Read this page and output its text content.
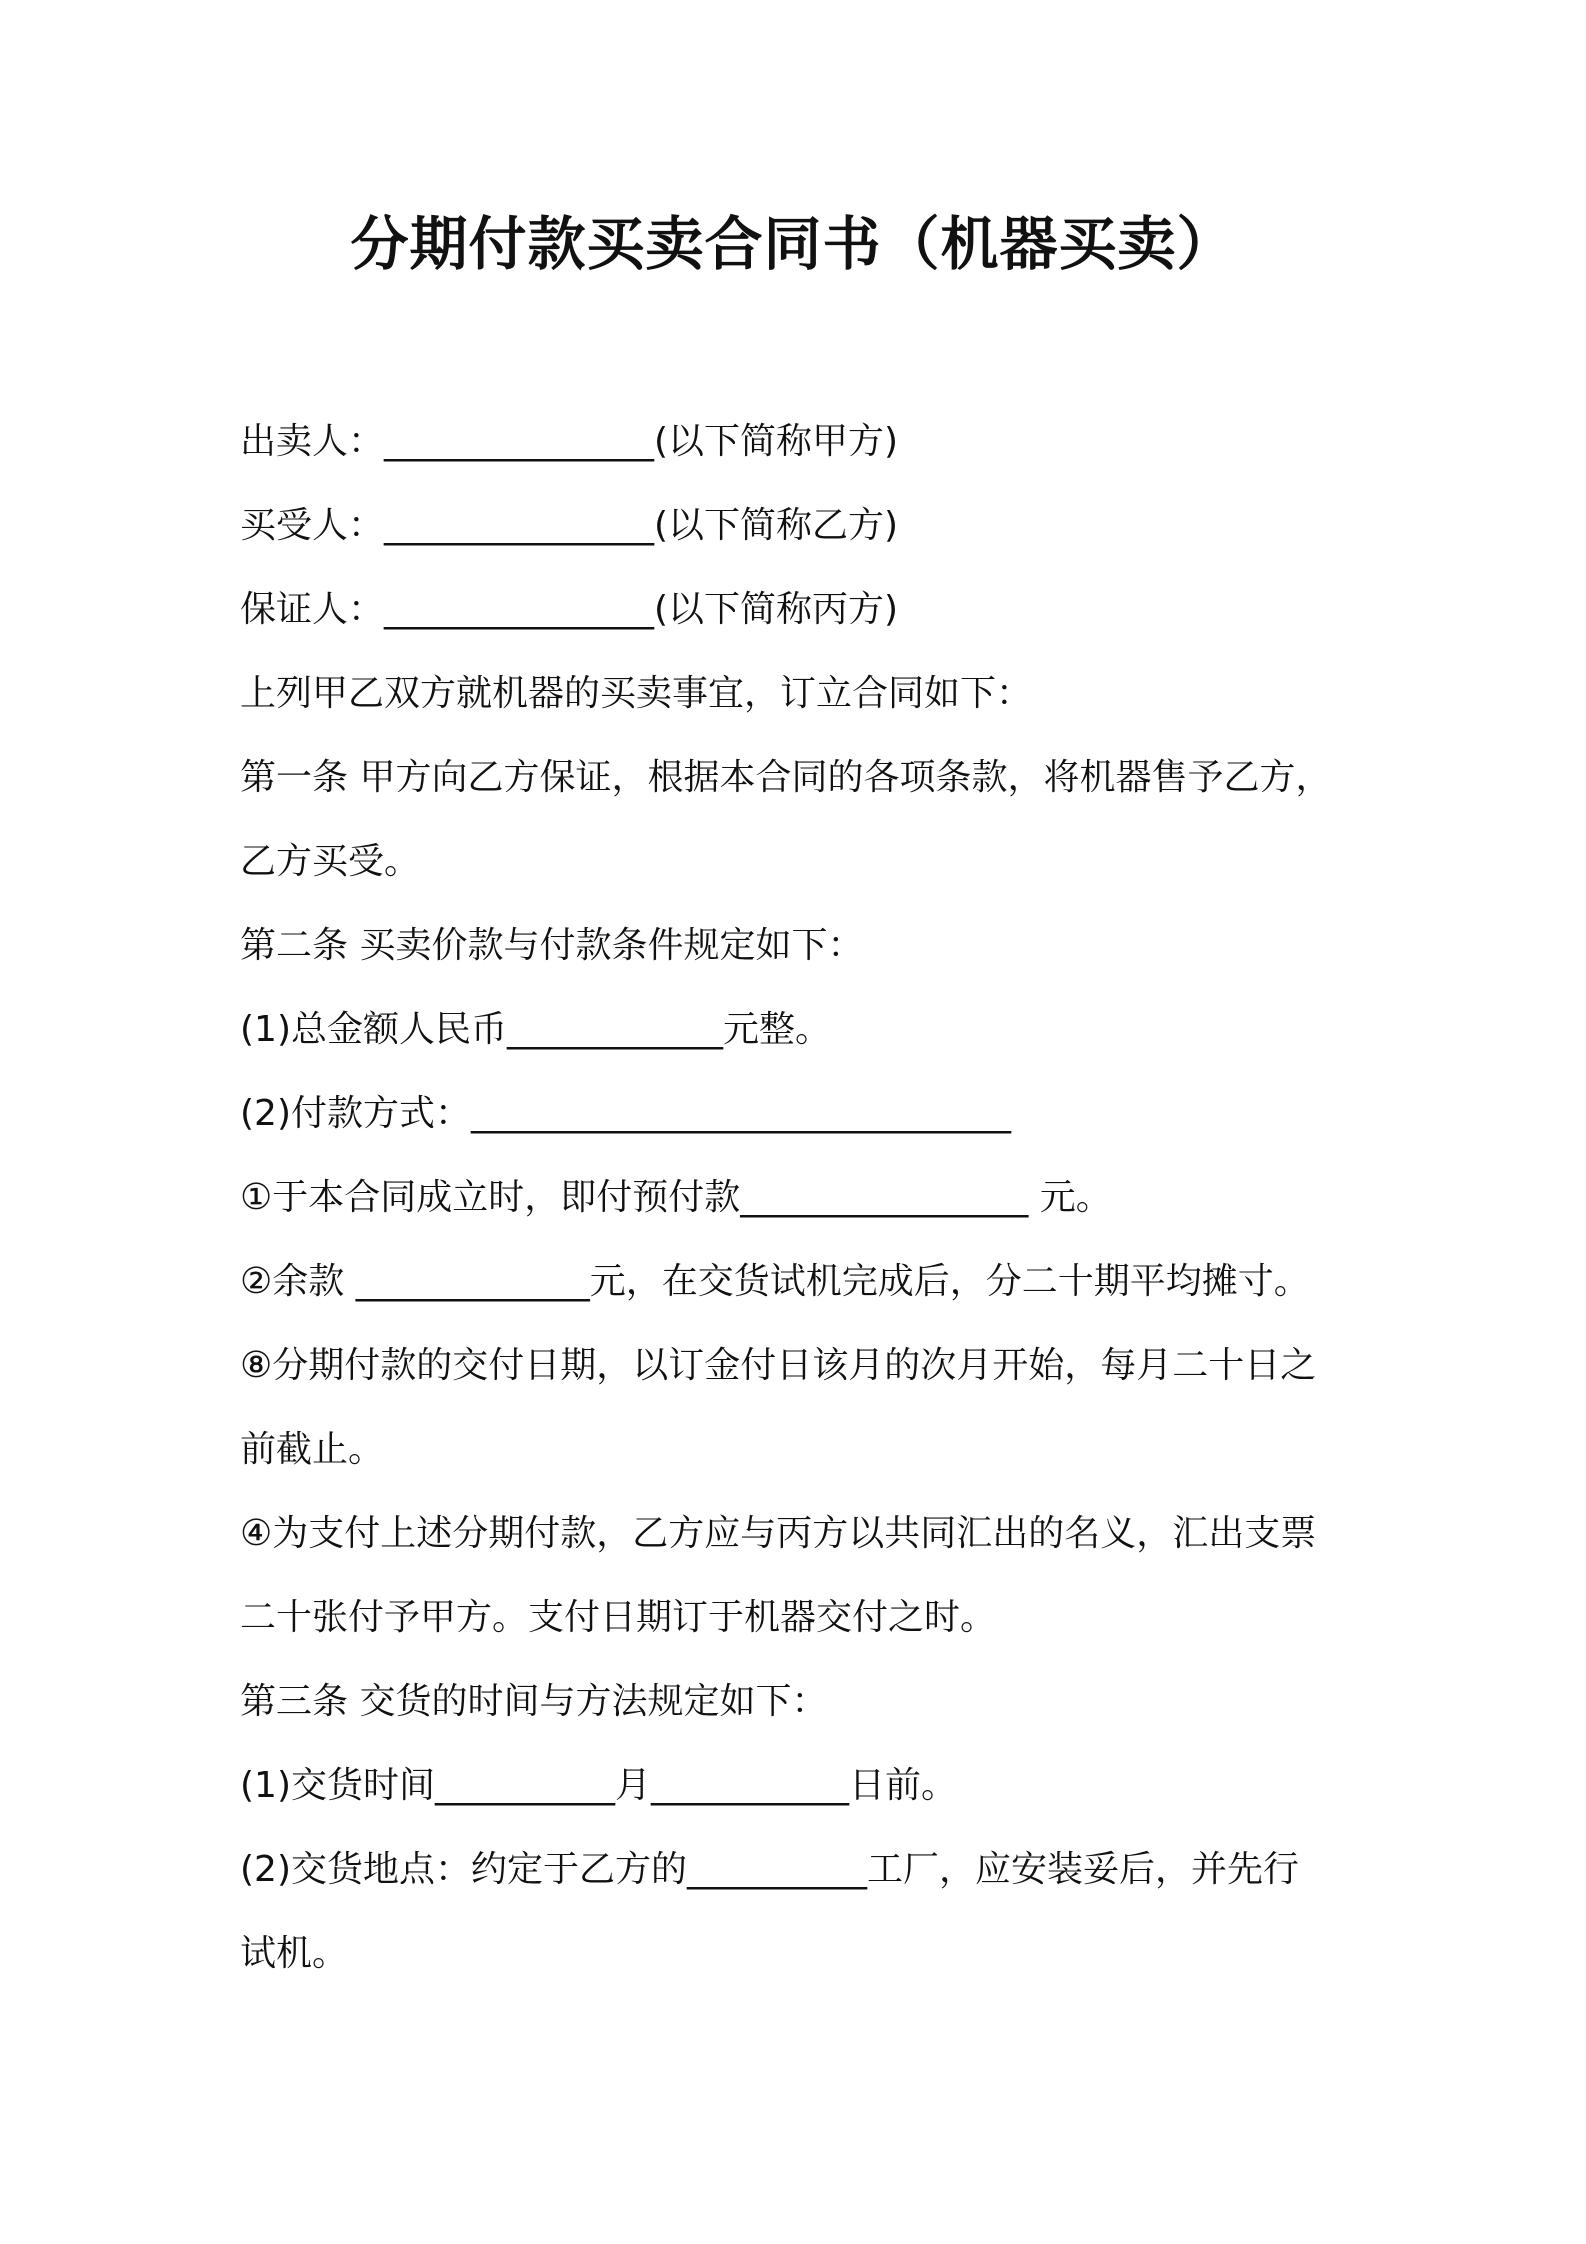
分期付款买卖合同书（机器买卖）
出卖人：_______________(以下简称甲方)
买受人：_______________(以下简称乙方)
保证人：_______________(以下简称丙方)
上列甲乙双方就机器的买卖事宜，订立合同如下：
第一条 甲方向乙方保证，根据本合同的各项条款，将机器售予乙方，
乙方买受。
第二条 买卖价款与付款条件规定如下：
(1)总金额人民币____________元整。
(2)付款方式：______________________________
①于本合同成立时，即付预付款________________ 元。
②余款 _____________元，在交货试机完成后，分二十期平均摊寸。
⑧分期付款的交付日期，以订金付日该月的次月开始，每月二十日之
前截止。
④为支付上述分期付款，乙方应与丙方以共同汇出的名义，汇出支票
二十张付予甲方。支付日期订于机器交付之时。
第三条 交货的时间与方法规定如下：
(1)交货时间__________月___________日前。
(2)交货地点：约定于乙方的__________工厂，应安装妥后，并先行
试机。
